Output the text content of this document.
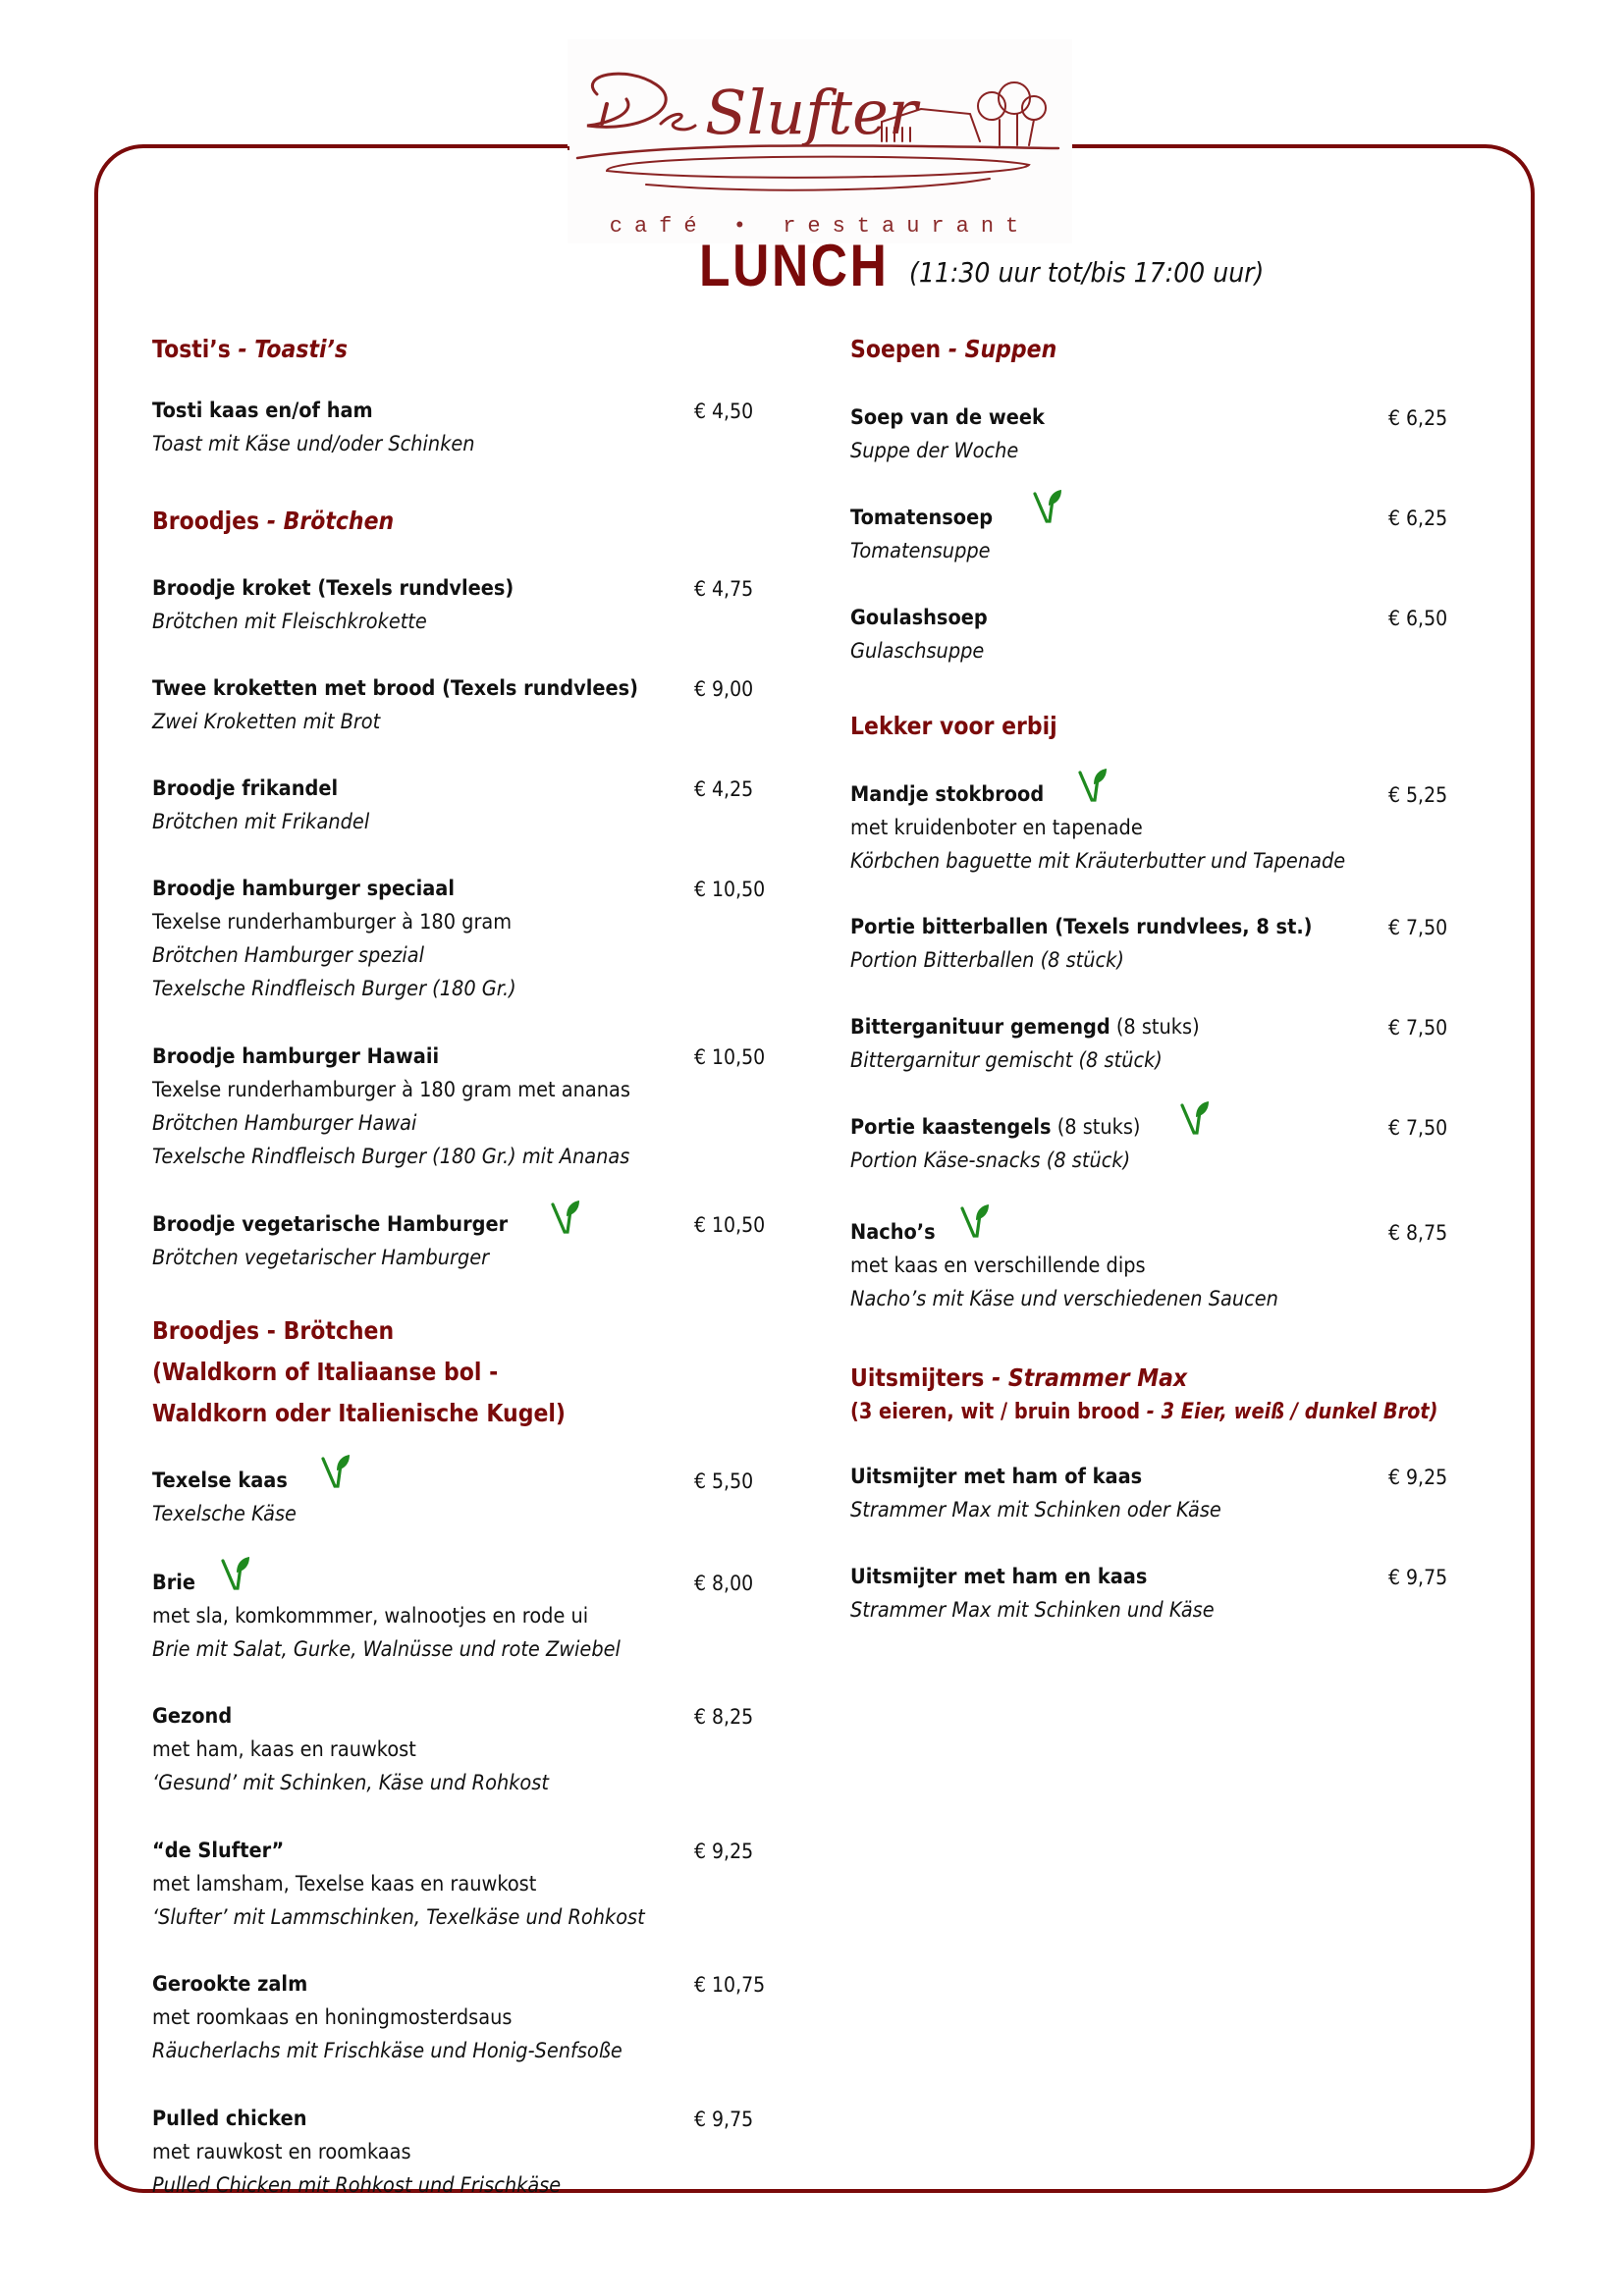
Slufter
café • restaurant
LUNCH (11:30 uur tot/bis 17:00 uur)
Tosti’s - Toasti’s
Tosti kaas en/of ham	€ 4,50
Toast mit Käse und/oder Schinken
Broodjes - Brötchen
Broodje kroket (Texels rundvlees)	€ 4,75
Brötchen mit Fleischkrokette
Twee kroketten met brood (Texels rundvlees)	€ 9,00
Zwei Kroketten mit Brot
Broodje frikandel	€ 4,25
Brötchen mit Frikandel
Broodje hamburger speciaal	€ 10,50
Texelse runderhamburger à 180 gram
Brötchen Hamburger spezial
Texelsche Rindfleisch Burger (180 Gr.)
Broodje hamburger Hawaii	€ 10,50
Texelse runderhamburger à 180 gram met ananas
Brötchen Hamburger Hawai
Texelsche Rindfleisch Burger (180 Gr.) mit Ananas
Broodje vegetarische Hamburger	€ 10,50
Brötchen vegetarischer Hamburger
Broodjes - Brötchen
(Waldkorn of Italiaanse bol -
Waldkorn oder Italienische Kugel)
Texelse kaas	€ 5,50
Texelsche Käse
Brie	€ 8,00
met sla, komkommmer, walnootjes en rode ui
Brie mit Salat, Gurke, Walnüsse und rote Zwiebel
Gezond	€ 8,25
met ham, kaas en rauwkost
‘Gesund’ mit Schinken, Käse und Rohkost
“de Slufter”	€ 9,25
met lamsham, Texelse kaas en rauwkost
‘Slufter’ mit Lammschinken, Texelkäse und Rohkost
Gerookte zalm	€ 10,75
met roomkaas en honingmosterdsaus
Räucherlachs mit Frischkäse und Honig-Senfsoße
Pulled chicken	€ 9,75
met rauwkost en roomkaas
Pulled Chicken mit Rohkost und Frischkäse
Soepen - Suppen
Soep van de week	€ 6,25
Suppe der Woche
Tomatensoep	€ 6,25
Tomatensuppe
Goulashsoep	€ 6,50
Gulaschsuppe
Lekker voor erbij
Mandje stokbrood	€ 5,25
met kruidenboter en tapenade
Körbchen baguette mit Kräuterbutter und Tapenade
Portie bitterballen (Texels rundvlees, 8 st.)	€ 7,50
Portion Bitterballen (8 stück)
Bitterganituur gemengd (8 stuks)	€ 7,50
Bittergarnitur gemischt (8 stück)
Portie kaastengels (8 stuks)	€ 7,50
Portion Käse-snacks (8 stück)
Nacho’s	€ 8,75
met kaas en verschillende dips
Nacho’s mit Käse und verschiedenen Saucen
Uitsmijters - Strammer Max
(3 eieren, wit / bruin brood - 3 Eier, weiß / dunkel Brot)
Uitsmijter met ham of kaas	€ 9,25
Strammer Max mit Schinken oder Käse
Uitsmijter met ham en kaas	€ 9,75
Strammer Max mit Schinken und Käse
